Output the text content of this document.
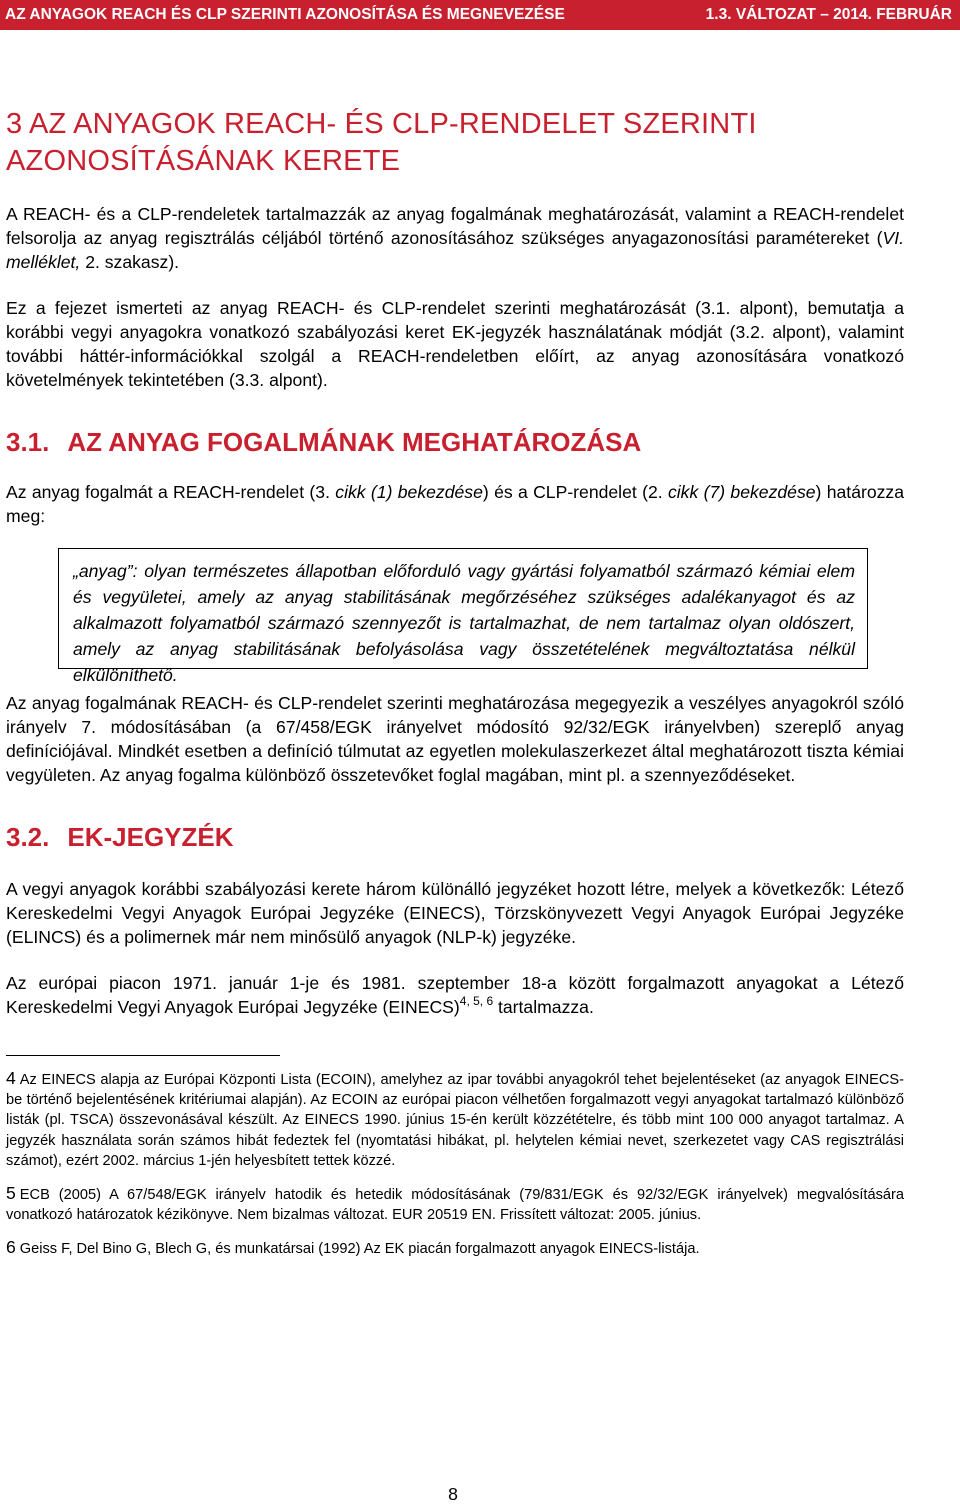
AZ ANYAGOK REACH ÉS CLP SZERINTI AZONOSÍTÁSA ÉS MEGNEVEZÉSE	1.3. VÁLTOZAT – 2014. FEBRUÁR
3 AZ ANYAGOK REACH- ÉS CLP-RENDELET SZERINTI
AZONOSÍTÁSÁNAK KERETE

A REACH- és a CLP-rendeletek tartalmazzák az anyag fogalmának meghatározását, valamint a REACH-rendelet felsorolja az anyag regisztrálás céljából történő azonosításához szükséges anyagazonosítási paramétereket (VI. melléklet, 2. szakasz).

Ez a fejezet ismerteti az anyag REACH- és CLP-rendelet szerinti meghatározását (3.1. alpont), bemutatja a korábbi vegyi anyagokra vonatkozó szabályozási keret EK-jegyzék használatának módját (3.2. alpont), valamint további háttér-információkkal szolgál a REACH-rendeletben előírt, az anyag azonosítására vonatkozó követelmények tekintetében (3.3. alpont).

3.1. AZ ANYAG FOGALMÁNAK MEGHATÁROZÁSA

Az anyag fogalmát a REACH-rendelet (3. cikk (1) bekezdése) és a CLP-rendelet (2. cikk (7) bekezdése) határozza meg:

„anyag”: olyan természetes állapotban előforduló vagy gyártási folyamatból származó kémiai elem és vegyületei, amely az anyag stabilitásának megőrzéséhez szükséges adalékanyagot és az alkalmazott folyamatból származó szennyezőt is tartalmazhat, de nem tartalmaz olyan oldószert, amely az anyag stabilitásának befolyásolása vagy összetételének megváltoztatása nélkül elkülöníthető.

Az anyag fogalmának REACH- és CLP-rendelet szerinti meghatározása megegyezik a veszélyes anyagokról szóló irányelv 7. módosításában (a 67/458/EGK irányelvet módosító 92/32/EGK irányelvben) szereplő anyag definíciójával. Mindkét esetben a definíció túlmutat az egyetlen molekulaszerkezet által meghatározott tiszta kémiai vegyületen. Az anyag fogalma különböző összetevőket foglal magában, mint pl. a szennyeződéseket.

3.2. EK-JEGYZÉK

A vegyi anyagok korábbi szabályozási kerete három különálló jegyzéket hozott létre, melyek a következők: Létező Kereskedelmi Vegyi Anyagok Európai Jegyzéke (EINECS), Törzskönyvezett Vegyi Anyagok Európai Jegyzéke (ELINCS) és a polimernek már nem minősülő anyagok (NLP-k) jegyzéke.

Az európai piacon 1971. január 1-je és 1981. szeptember 18-a között forgalmazott anyagokat a Létező Kereskedelmi Vegyi Anyagok Európai Jegyzéke (EINECS)$^{4, 5, 6}$ tartalmazza.

4 Az EINECS alapja az Európai Központi Lista (ECOIN), amelyhez az ipar további anyagokról tehet bejelentéseket (az anyagok EINECS-be történő bejelentésének kritériumai alapján). Az ECOIN az európai piacon vélhetően forgalmazott vegyi anyagokat tartalmazó különböző listák (pl. TSCA) összevonásával készült. Az EINECS 1990. június 15-én került közzétételre, és több mint 100 000 anyagot tartalmaz. A jegyzék használata során számos hibát fedeztek fel (nyomtatási hibákat, pl. helytelen kémiai nevet, szerkezetet vagy CAS regisztrálási számot), ezért 2002. március 1-jén helyesbített tettek közzé.

5 ECB (2005) A 67/548/EGK irányelv hatodik és hetedik módosításának (79/831/EGK és 92/32/EGK irányelvek) megvalósítására vonatkozó határozatok kézikönyve. Nem bizalmas változat. EUR 20519 EN. Frissített változat: 2005. június.

6 Geiss F, Del Bino G, Blech G, és munkatársai (1992) Az EK piacán forgalmazott anyagok EINECS-listája.

8
